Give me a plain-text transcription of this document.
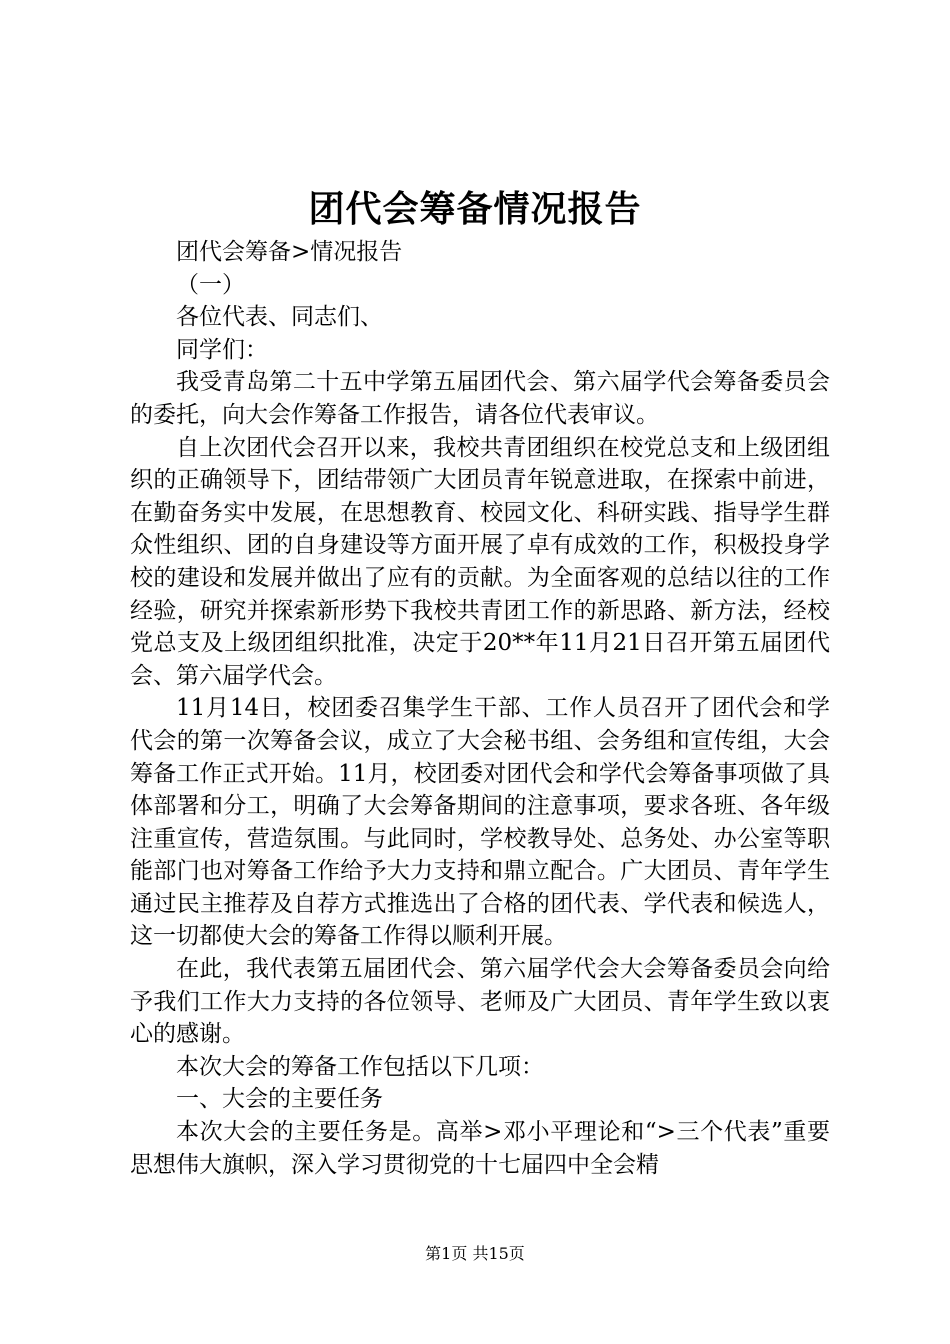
团代会筹备情况报告

团代会筹备>情况报告

（一）

各位代表、同志们、

同学们：

我受青岛第二十五中学第五届团代会、第六届学代会筹备委员会的委托，向大会作筹备工作报告，请各位代表审议。

自上次团代会召开以来，我校共青团组织在校党总支和上级团组织的正确领导下，团结带领广大团员青年锐意进取，在探索中前进，在勤奋务实中发展，在思想教育、校园文化、科研实践、指导学生群众性组织、团的自身建设等方面开展了卓有成效的工作，积极投身学校的建设和发展并做出了应有的贡献。为全面客观的总结以往的工作经验，研究并探索新形势下我校共青团工作的新思路、新方法，经校党总支及上级团组织批准，决定于20**年11月21日召开第五届团代会、第六届学代会。

11月14日，校团委召集学生干部、工作人员召开了团代会和学代会的第一次筹备会议，成立了大会秘书组、会务组和宣传组，大会筹备工作正式开始。11月，校团委对团代会和学代会筹备事项做了具体部署和分工，明确了大会筹备期间的注意事项，要求各班、各年级注重宣传，营造氛围。与此同时，学校教导处、总务处、办公室等职能部门也对筹备工作给予大力支持和鼎立配合。广大团员、青年学生通过民主推荐及自荐方式推选出了合格的团代表、学代表和候选人，这一切都使大会的筹备工作得以顺利开展。

在此，我代表第五届团代会、第六届学代会大会筹备委员会向给予我们工作大力支持的各位领导、老师及广大团员、青年学生致以衷心的感谢。

本次大会的筹备工作包括以下几项：

一、大会的主要任务

本次大会的主要任务是。高举>邓小平理论和“>三个代表”重要思想伟大旗帜，深入学习贯彻党的十七届四中全会精

第1页 共15页
